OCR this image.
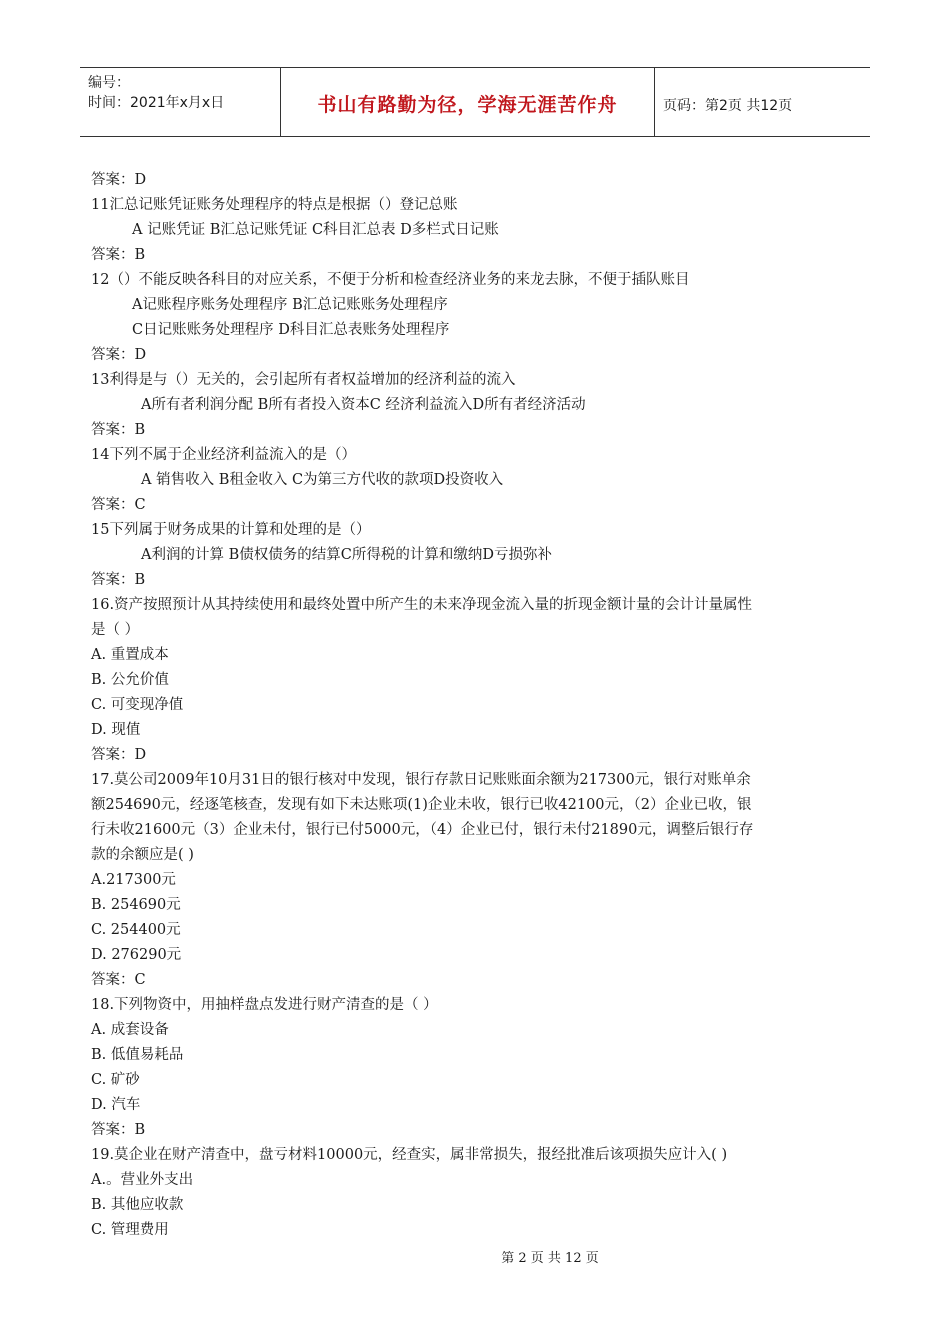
编号：
时间：2021年x月x日	书山有路勤为径，学海无涯苦作舟	页码：第2页 共12页
答案：D
11汇总记账凭证账务处理程序的特点是根据（）登记总账
A 记账凭证 B汇总记账凭证 C科目汇总表 D多栏式日记账
答案：B
12（）不能反映各科目的对应关系，不便于分析和检查经济业务的来龙去脉，不便于插队账目
A记账程序账务处理程序 B汇总记账账务处理程序
C日记账账务处理程序 D科目汇总表账务处理程序
答案：D
13利得是与（）无关的，会引起所有者权益增加的经济利益的流入
A所有者利润分配 B所有者投入资本C 经济利益流入D所有者经济活动
答案：B
14下列不属于企业经济利益流入的是（）
A 销售收入 B租金收入 C为第三方代收的款项D投资收入
答案：C
15下列属于财务成果的计算和处理的是（）
A利润的计算 B债权债务的结算C所得税的计算和缴纳D亏损弥补
答案：B
16.资产按照预计从其持续使用和最终处置中所产生的未来净现金流入量的折现金额计量的会计计量属性
是（ ）
A. 重置成本
B. 公允价值
C. 可变现净值
D. 现值
答案：D
17.莫公司2009年10月31日的银行核对中发现，银行存款日记账账面余额为217300元，银行对账单余
额254690元，经逐笔核查，发现有如下未达账项(1)企业未收，银行已收42100元，（2）企业已收，银
行未收21600元（3）企业未付，银行已付5000元，（4）企业已付，银行未付21890元，调整后银行存
款的余额应是( )
A.217300元
B. 254690元
C. 254400元
D. 276290元
答案：C
18.下列物资中，用抽样盘点发进行财产清查的是（ ）
A. 成套设备
B. 低值易耗品
C. 矿砂
D. 汽车
答案：B
19.莫企业在财产清查中，盘亏材料10000元，经查实，属非常损失，报经批准后该项损失应计入( )
A.。营业外支出
B. 其他应收款
C. 管理费用
第 2 页 共 12 页
